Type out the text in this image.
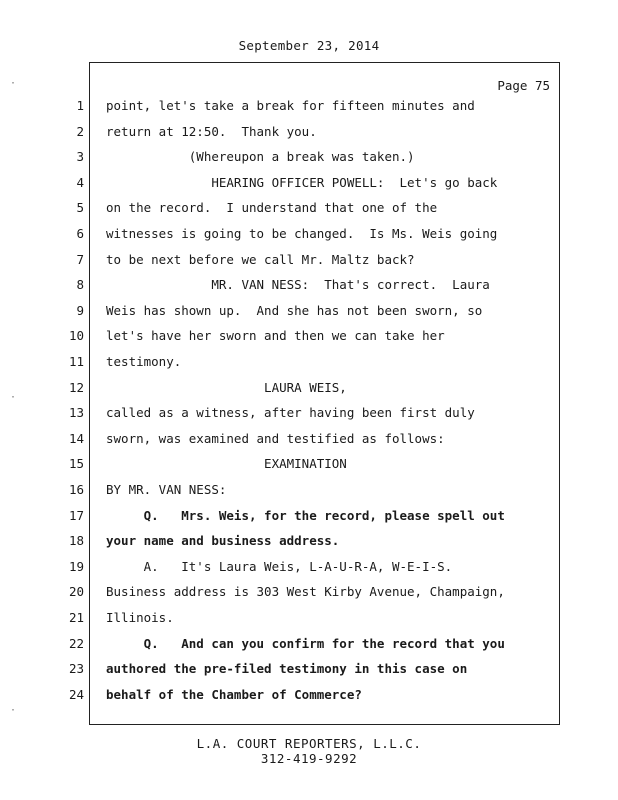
September 23, 2014
Page 75
1 point, let's take a break for fifteen minutes and
2 return at 12:50.  Thank you.
3 (Whereupon a break was taken.)
4 HEARING OFFICER POWELL:  Let's go back
5 on the record.  I understand that one of the
6 witnesses is going to be changed.  Is Ms. Weis going
7 to be next before we call Mr. Maltz back?
8 MR. VAN NESS:  That's correct.  Laura
9 Weis has shown up.  And she has not been sworn, so
10 let's have her sworn and then we can take her
11 testimony.
12 LAURA WEIS,
13 called as a witness, after having been first duly
14 sworn, was examined and testified as follows:
15 EXAMINATION
16 BY MR. VAN NESS:
17 Q.   Mrs. Weis, for the record, please spell out
18 your name and business address.
19 A.   It's Laura Weis, L-A-U-R-A, W-E-I-S.
20 Business address is 303 West Kirby Avenue, Champaign,
21 Illinois.
22 Q.   And can you confirm for the record that you
23 authored the pre-filed testimony in this case on
24 behalf of the Chamber of Commerce?
L.A. COURT REPORTERS, L.L.C.
312-419-9292
·
·
·
